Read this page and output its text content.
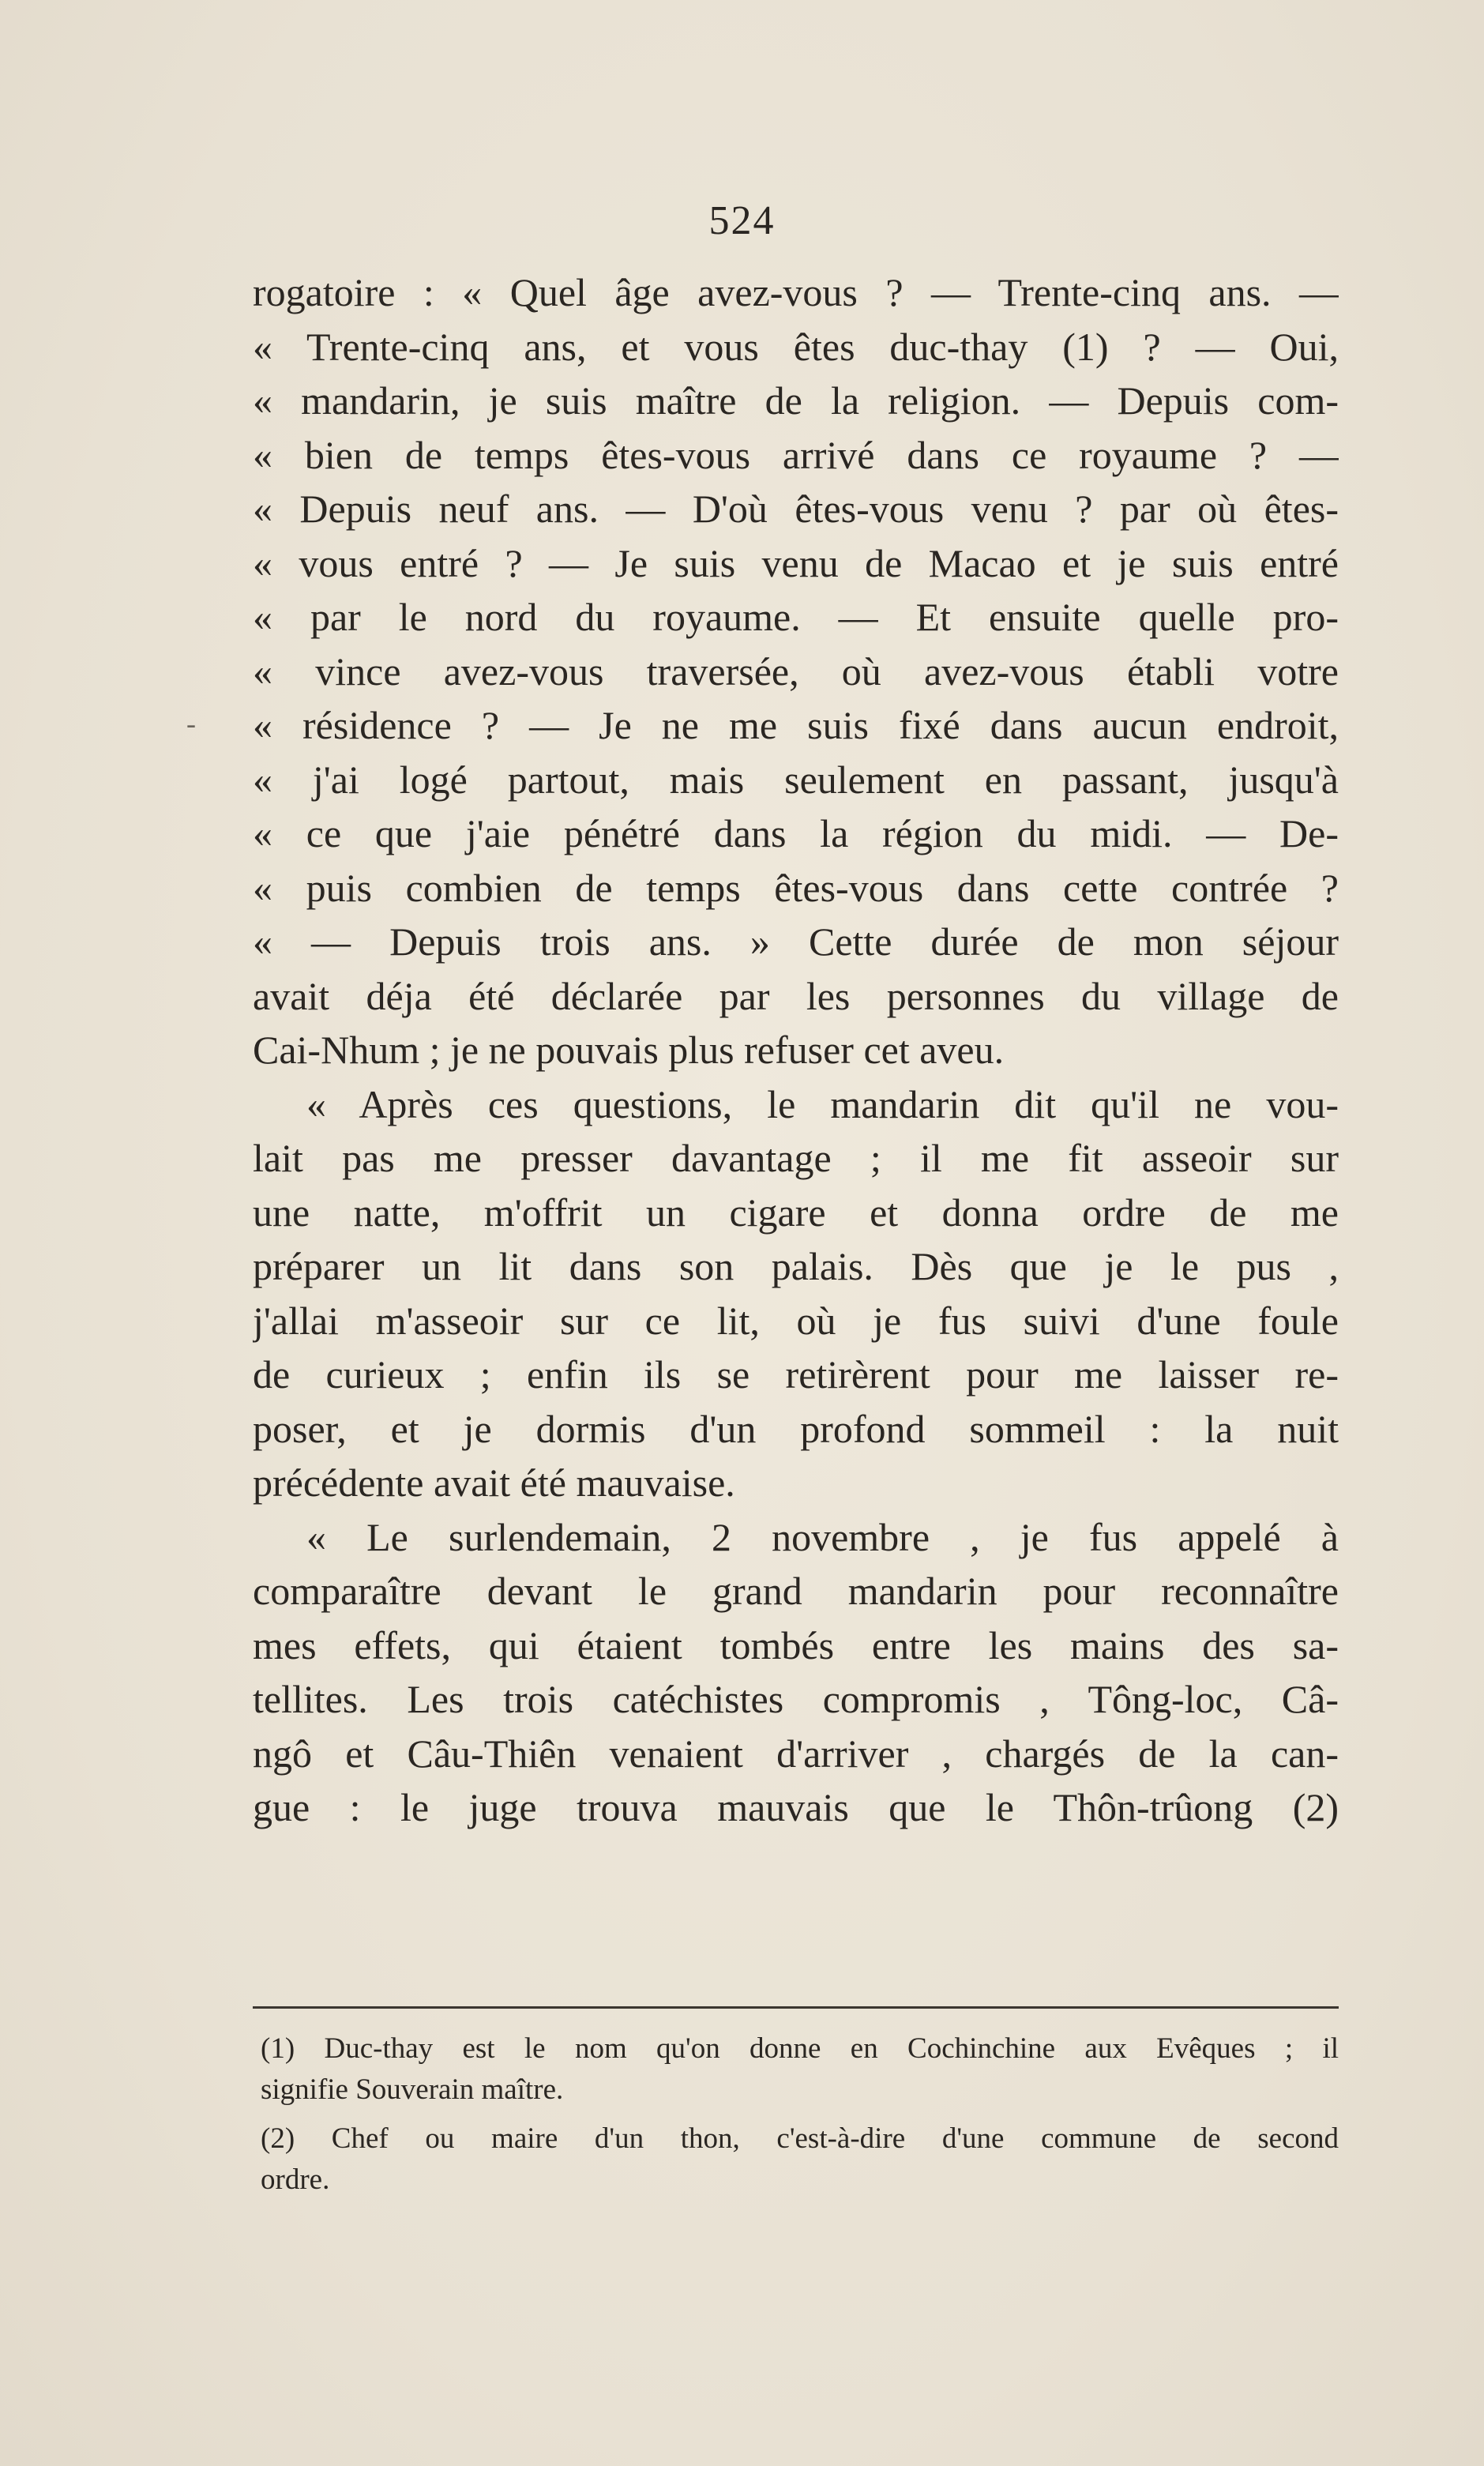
524
-
rogatoire : « Quel âge avez-vous ? — Trente-cinq ans. —
« Trente-cinq ans, et vous êtes duc-thay (1) ? — Oui,
« mandarin, je suis maître de la religion. — Depuis com-
« bien de temps êtes-vous arrivé dans ce royaume ? —
« Depuis neuf ans. — D'où êtes-vous venu ? par où êtes-
« vous entré ? — Je suis venu de Macao et je suis entré
« par le nord du royaume. — Et ensuite quelle pro-
« vince avez-vous traversée, où avez-vous établi votre
« résidence ? — Je ne me suis fixé dans aucun endroit,
« j'ai logé partout, mais seulement en passant, jusqu'à
« ce que j'aie pénétré dans la région du midi. — De-
« puis combien de temps êtes-vous dans cette contrée ?
« — Depuis trois ans. » Cette durée de mon séjour
avait déja été déclarée par les personnes du village de
Cai-Nhum ; je ne pouvais plus refuser cet aveu.
« Après ces questions, le mandarin dit qu'il ne vou-
lait pas me presser davantage ; il me fit asseoir sur
une natte, m'offrit un cigare et donna ordre de me
préparer un lit dans son palais. Dès que je le pus ,
j'allai m'asseoir sur ce lit, où je fus suivi d'une foule
de curieux ; enfin ils se retirèrent pour me laisser re-
poser, et je dormis d'un profond sommeil : la nuit
précédente avait été mauvaise.
« Le surlendemain, 2 novembre , je fus appelé à
comparaître devant le grand mandarin pour reconnaître
mes effets, qui étaient tombés entre les mains des sa-
tellites. Les trois catéchistes compromis , Tông-loc, Câ-
ngô et Câu-Thiên venaient d'arriver , chargés de la can-
gue : le juge trouva mauvais que le Thôn-trûong (2)
(1) Duc-thay est le nom qu'on donne en Cochinchine aux Evêques ; il
signifie Souverain maître.
(2) Chef ou maire d'un thon, c'est-à-dire d'une commune de second
ordre.
